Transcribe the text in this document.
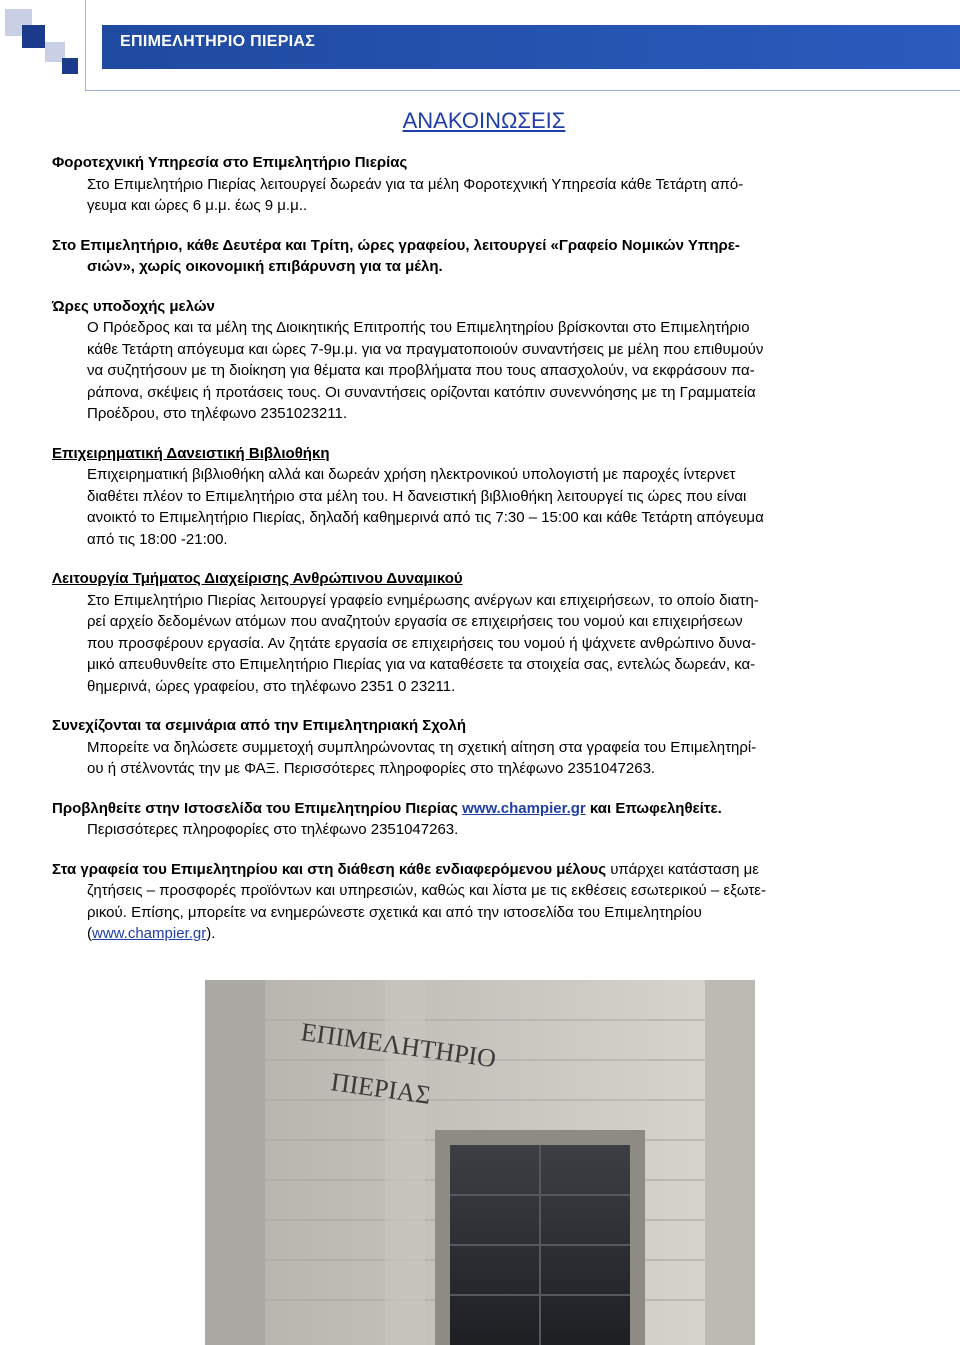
ΕΠΙΜΕΛΗΤΗΡΙΟ ΠΙΕΡΙΑΣ
ΑΝΑΚΟΙΝΩΣΕΙΣ
Φοροτεχνική Υπηρεσία στο Επιμελητήριο Πιερίας
Στο Επιμελητήριο Πιερίας λειτουργεί δωρεάν για τα μέλη Φοροτεχνική Υπηρεσία κάθε Τετάρτη από-
γευμα και ώρες 6 μ.μ. έως 9 μ.μ..
Στο Επιμελητήριο, κάθε Δευτέρα και Τρίτη, ώρες γραφείου, λειτουργεί «Γραφείο Νομικών Υπηρε-
σιών», χωρίς οικονομική επιβάρυνση για τα μέλη.
Ώρες υποδοχής μελών
Ο Πρόεδρος και τα μέλη της Διοικητικής Επιτροπής του Επιμελητηρίου βρίσκονται στο Επιμελητήριο
κάθε Τετάρτη απόγευμα και ώρες 7-9μ.μ. για να πραγματοποιούν συναντήσεις με μέλη που επιθυμούν
να συζητήσουν με τη διοίκηση για θέματα και προβλήματα που τους απασχολούν, να εκφράσουν πα-
ράπονα, σκέψεις ή προτάσεις τους. Οι συναντήσεις ορίζονται κατόπιν συνεννόησης με τη Γραμματεία
Προέδρου, στο τηλέφωνο 2351023211.
Επιχειρηματική Δανειστική Βιβλιοθήκη
Επιχειρηματική βιβλιοθήκη αλλά και δωρεάν χρήση ηλεκτρονικού υπολογιστή με παροχές ίντερνετ
διαθέτει πλέον το Επιμελητήριο στα μέλη του. Η δανειστική βιβλιοθήκη λειτουργεί τις ώρες που είναι
ανοικτό το Επιμελητήριο Πιερίας, δηλαδή καθημερινά από τις 7:30 – 15:00 και κάθε Τετάρτη απόγευμα
από τις 18:00 -21:00.
Λειτουργία Τμήματος Διαχείρισης Ανθρώπινου Δυναμικού
Στο Επιμελητήριο Πιερίας λειτουργεί γραφείο ενημέρωσης ανέργων και επιχειρήσεων, το οποίο διατη-
ρεί αρχείο δεδομένων ατόμων που αναζητούν εργασία σε επιχειρήσεις του νομού και επιχειρήσεων
που προσφέρουν εργασία. Αν ζητάτε εργασία σε επιχειρήσεις του νομού ή ψάχνετε ανθρώπινο δυνα-
μικό απευθυνθείτε στο Επιμελητήριο Πιερίας για να καταθέσετε τα στοιχεία σας, εντελώς δωρεάν, κα-
θημερινά, ώρες γραφείου, στο τηλέφωνο 2351 0 23211.
Συνεχίζονται τα σεμινάρια από την Επιμελητηριακή Σχολή
Μπορείτε να δηλώσετε συμμετοχή συμπληρώνοντας τη σχετική αίτηση στα γραφεία του Επιμελητηρί-
ου ή στέλνοντάς την με ΦΑΞ. Περισσότερες πληροφορίες στο τηλέφωνο 2351047263.
Προβληθείτε στην Ιστοσελίδα του Επιμελητηρίου Πιερίας www.champier.gr και Επωφεληθείτε.
Περισσότερες πληροφορίες στο τηλέφωνο 2351047263.
Στα γραφεία του Επιμελητηρίου και στη διάθεση κάθε ενδιαφερόμενου μέλους υπάρχει κατάσταση με
ζητήσεις – προσφορές προϊόντων και υπηρεσιών, καθώς και λίστα με τις εκθέσεις εσωτερικού – εξωτε-
ρικού. Επίσης, μπορείτε να ενημερώνεστε σχετικά και από την ιστοσελίδα του Επιμελητηρίου
(www.champier.gr).
ΕΠΙΜΕΛΗΤΗΡΙΟ
ΠΙΕΡΙΑΣ
